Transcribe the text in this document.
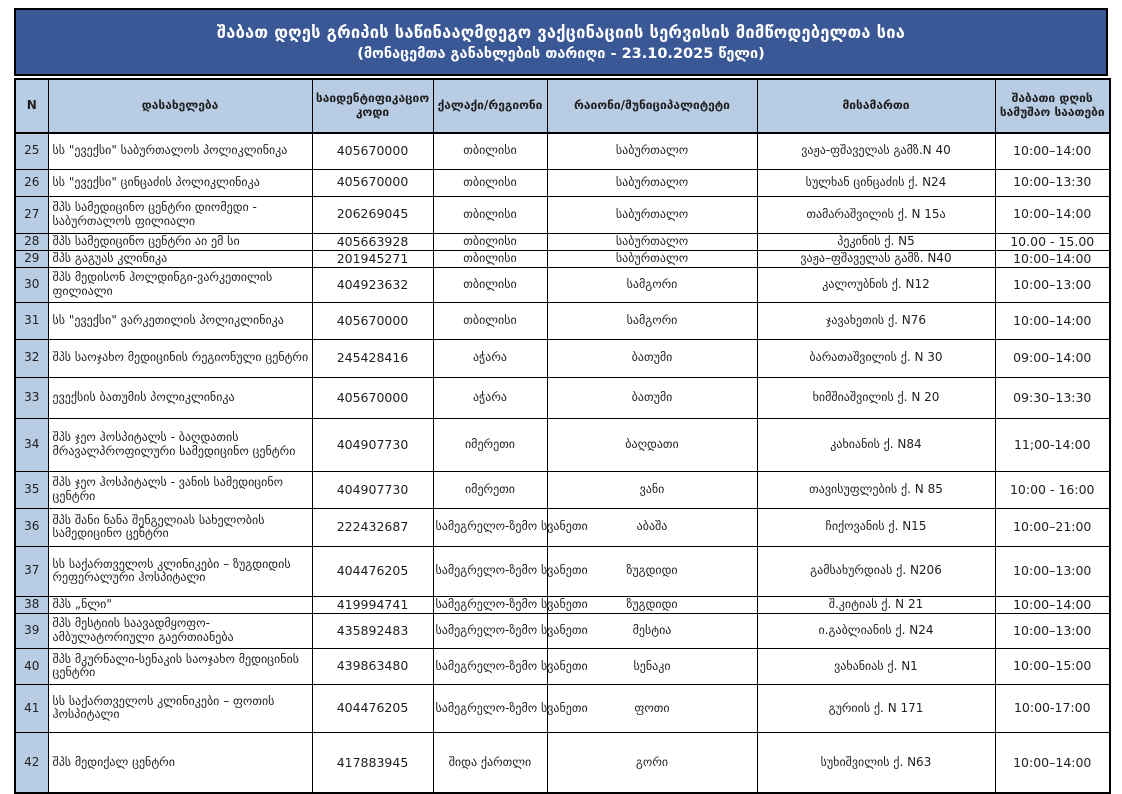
შაბათ დღეს გრიპის საწინააღმდეგო ვაქცინაციის სერვისის მიმწოდებელთა სია
(მონაცემთა განახლების თარიღი - 23.10.2025 წელი)
N	დასახელება	საიდენტიფიკაციო კოდი	ქალაქი/რეგიონი	რაიონი/მუნიციპალიტეტი	მისამართი	შაბათი დღის სამუშაო საათები
25	სს "ევექსი" საბურთალოს პოლიკლინიკა	405670000	თბილისი	საბურთალო	ვაჟა-ფშაველას გამზ.N 40	10:00–14:00
26	სს "ევექსი" ცინცაძის პოლიკლინიკა	405670000	თბილისი	საბურთალო	სულხან ცინცაძის ქ. N24	10:00–13:30
27	შპს სამედიცინო ცენტრი დიომედი - საბურთალოს ფილიალი	206269045	თბილისი	საბურთალო	თამარაშვილის ქ. N 15ა	10:00–14:00
28	შპს სამედიცინო ცენტრი აი ემ სი	405663928	თბილისი	საბურთალო	პეკინის ქ. N5	10.00 - 15.00
29	შპს გაგუას კლინიკა	201945271	თბილისი	საბურთალო	ვაჟა–ფშაველას გამზ. N40	10:00–14:00
30	შპს მედისონ ჰოლდინგი-ვარკეთილის ფილიალი	404923632	თბილისი	სამგორი	კალოუბნის ქ. N12	10:00–13:00
31	სს "ევექსი" ვარკეთილის პოლიკლინიკა	405670000	თბილისი	სამგორი	ჯავახეთის ქ. N76	10:00–14:00
32	შპს საოჯახო მედიცინის რეგიონული ცენტრი	245428416	აჭარა	ბათუმი	ბარათაშვილის ქ. N 30	09:00–14:00
33	ევექსის ბათუმის პოლიკლინიკა	405670000	აჭარა	ბათუმი	ხიმშიაშვილის ქ. N 20	09:30–13:30
34	შპს ჯეო ჰოსპიტალს - ბაღდათის მრავალპროფილური სამედიცინო ცენტრი	404907730	იმერეთი	ბაღდათი	კახიანის ქ. N84	11;00-14:00
35	შპს ჯეო ჰოსპიტალს - ვანის სამედიცინო ცენტრი	404907730	იმერეთი	ვანი	თავისუფლების ქ. N 85	10:00 - 16:00
36	შპს შანი ნანა შენგელიას სახელობის სამედიცინო ცენტრი	222432687	სამეგრელო-ზემო სვანეთი	აბაშა	ჩიქოვანის ქ. N15	10:00–21:00
37	სს საქართველოს კლინიკები – ზუგდიდის რეფერალური ჰოსპიტალი	404476205	სამეგრელო-ზემო სვანეთი	ზუგდიდი	გამსახურდიას ქ. N206	10:00–13:00
38	შპს „ნლი"	419994741	სამეგრელო-ზემო სვანეთი	ზუგდიდი	შ.კიტიას ქ. N 21	10:00–14:00
39	შპს მესტიის საავადმყოფო-ამბულატორიული გაერთიანება	435892483	სამეგრელო-ზემო სვანეთი	მესტია	ი.გაბლიანის ქ. N24	10:00–13:00
40	შპს მკურნალი-სენაკის საოჯახო მედიცინის ცენტრი	439863480	სამეგრელო-ზემო სვანეთი	სენაკი	ვახანიას ქ. N1	10:00–15:00
41	სს საქართველოს კლინიკები – ფოთის ჰოსპიტალი	404476205	სამეგრელო-ზემო სვანეთი	ფოთი	გურიის ქ. N 171	10:00-17:00
42	შპს მედიქალ ცენტრი	417883945	შიდა ქართლი	გორი	სუხიშვილის ქ. N63	10:00–14:00
